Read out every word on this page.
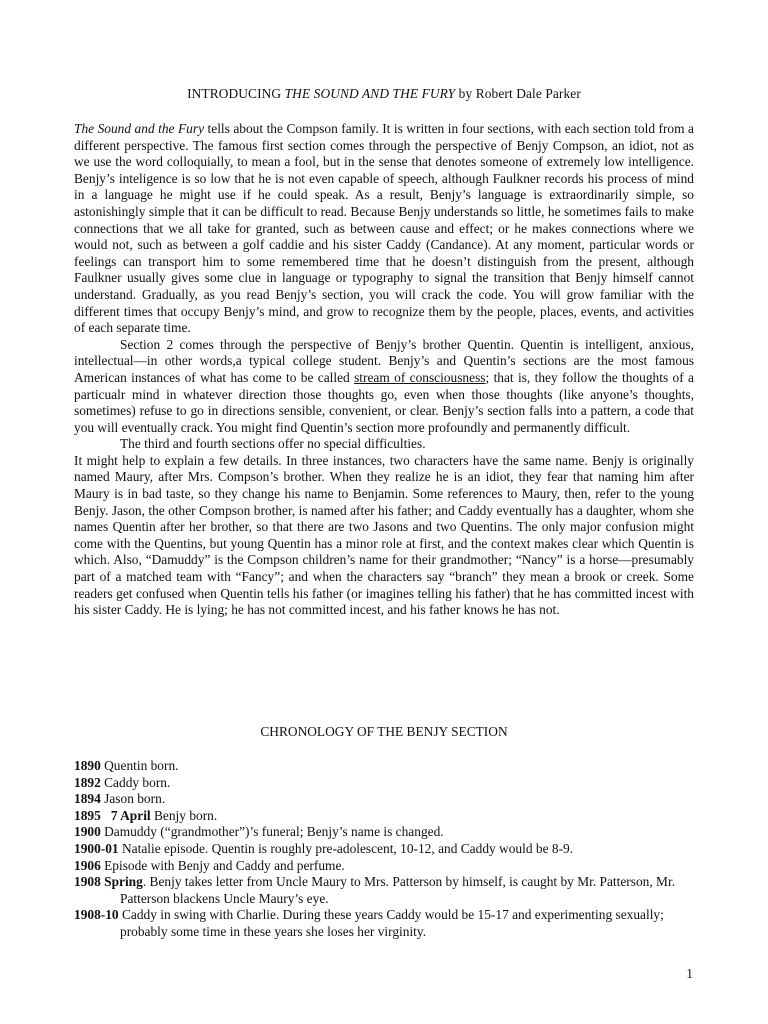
INTRODUCING THE SOUND AND THE FURY by Robert Dale Parker

The Sound and the Fury tells about the Compson family. It is written in four sections, with each section told from a different perspective. The famous first section comes through the perspective of Benjy Compson, an idiot, not as we use the word colloquially, to mean a fool, but in the sense that denotes someone of extremely low intelligence. Benjy’s inteligence is so low that he is not even capable of speech, although Faulkner records his process of mind in a language he might use if he could speak. As a result, Benjy’s language is extraordinarily simple, so astonishingly simple that it can be difficult to read. Because Benjy understands so little, he sometimes fails to make connections that we all take for granted, such as between cause and effect; or he makes connections where we would not, such as between a golf caddie and his sister Caddy (Candance). At any moment, particular words or feelings can transport him to some remembered time that he doesn’t distinguish from the present, although Faulkner usually gives some clue in language or typography to signal the transition that Benjy himself cannot understand. Gradually, as you read Benjy’s section, you will crack the code. You will grow familiar with the different times that occupy Benjy’s mind, and grow to recognize them by the people, places, events, and activities of each separate time.

Section 2 comes through the perspective of Benjy’s brother Quentin. Quentin is intelligent, anxious, intellectual—in other words,a typical college student. Benjy’s and Quentin’s sections are the most famous American instances of what has come to be called stream of consciousness; that is, they follow the thoughts of a particualr mind in whatever direction those thoughts go, even when those thoughts (like anyone’s thoughts, sometimes) refuse to go in directions sensible, convenient, or clear. Benjy’s section falls into a pattern, a code that you will eventually crack. You might find Quentin’s section more profoundly and permanently difficult.

The third and fourth sections offer no special difficulties.

It might help to explain a few details. In three instances, two characters have the same name. Benjy is originally named Maury, after Mrs. Compson’s brother. When they realize he is an idiot, they fear that naming him after Maury is in bad taste, so they change his name to Benjamin. Some references to Maury, then, refer to the young Benjy. Jason, the other Compson brother, is named after his father; and Caddy eventually has a daughter, whom she names Quentin after her brother, so that there are two Jasons and two Quentins. The only major confusion might come with the Quentins, but young Quentin has a minor role at first, and the context makes clear which Quentin is which. Also, “Damuddy” is the Compson children’s name for their grandmother; “Nancy” is a horse—presumably part of a matched team with “Fancy”; and when the characters say “branch” they mean a brook or creek. Some readers get confused when Quentin tells his father (or imagines telling his father) that he has committed incest with his sister Caddy. He is lying; he has not committed incest, and his father knows he has not.

CHRONOLOGY OF THE BENJY SECTION

1890 Quentin born.

1892 Caddy born.

1894 Jason born.

1895   7 April Benjy born.

1900 Damuddy (“grandmother”)’s funeral; Benjy’s name is changed.

1900-01 Natalie episode. Quentin is roughly pre-adolescent, 10-12, and Caddy would be 8-9.

1906 Episode with Benjy and Caddy and perfume.

1908 Spring. Benjy takes letter from Uncle Maury to Mrs. Patterson by himself, is caught by Mr. Patterson, Mr. Patterson blackens Uncle Maury’s eye.

1908-10 Caddy in swing with Charlie. During these years Caddy would be 15-17 and experimenting sexually; probably some time in these years she loses her virginity.

1
